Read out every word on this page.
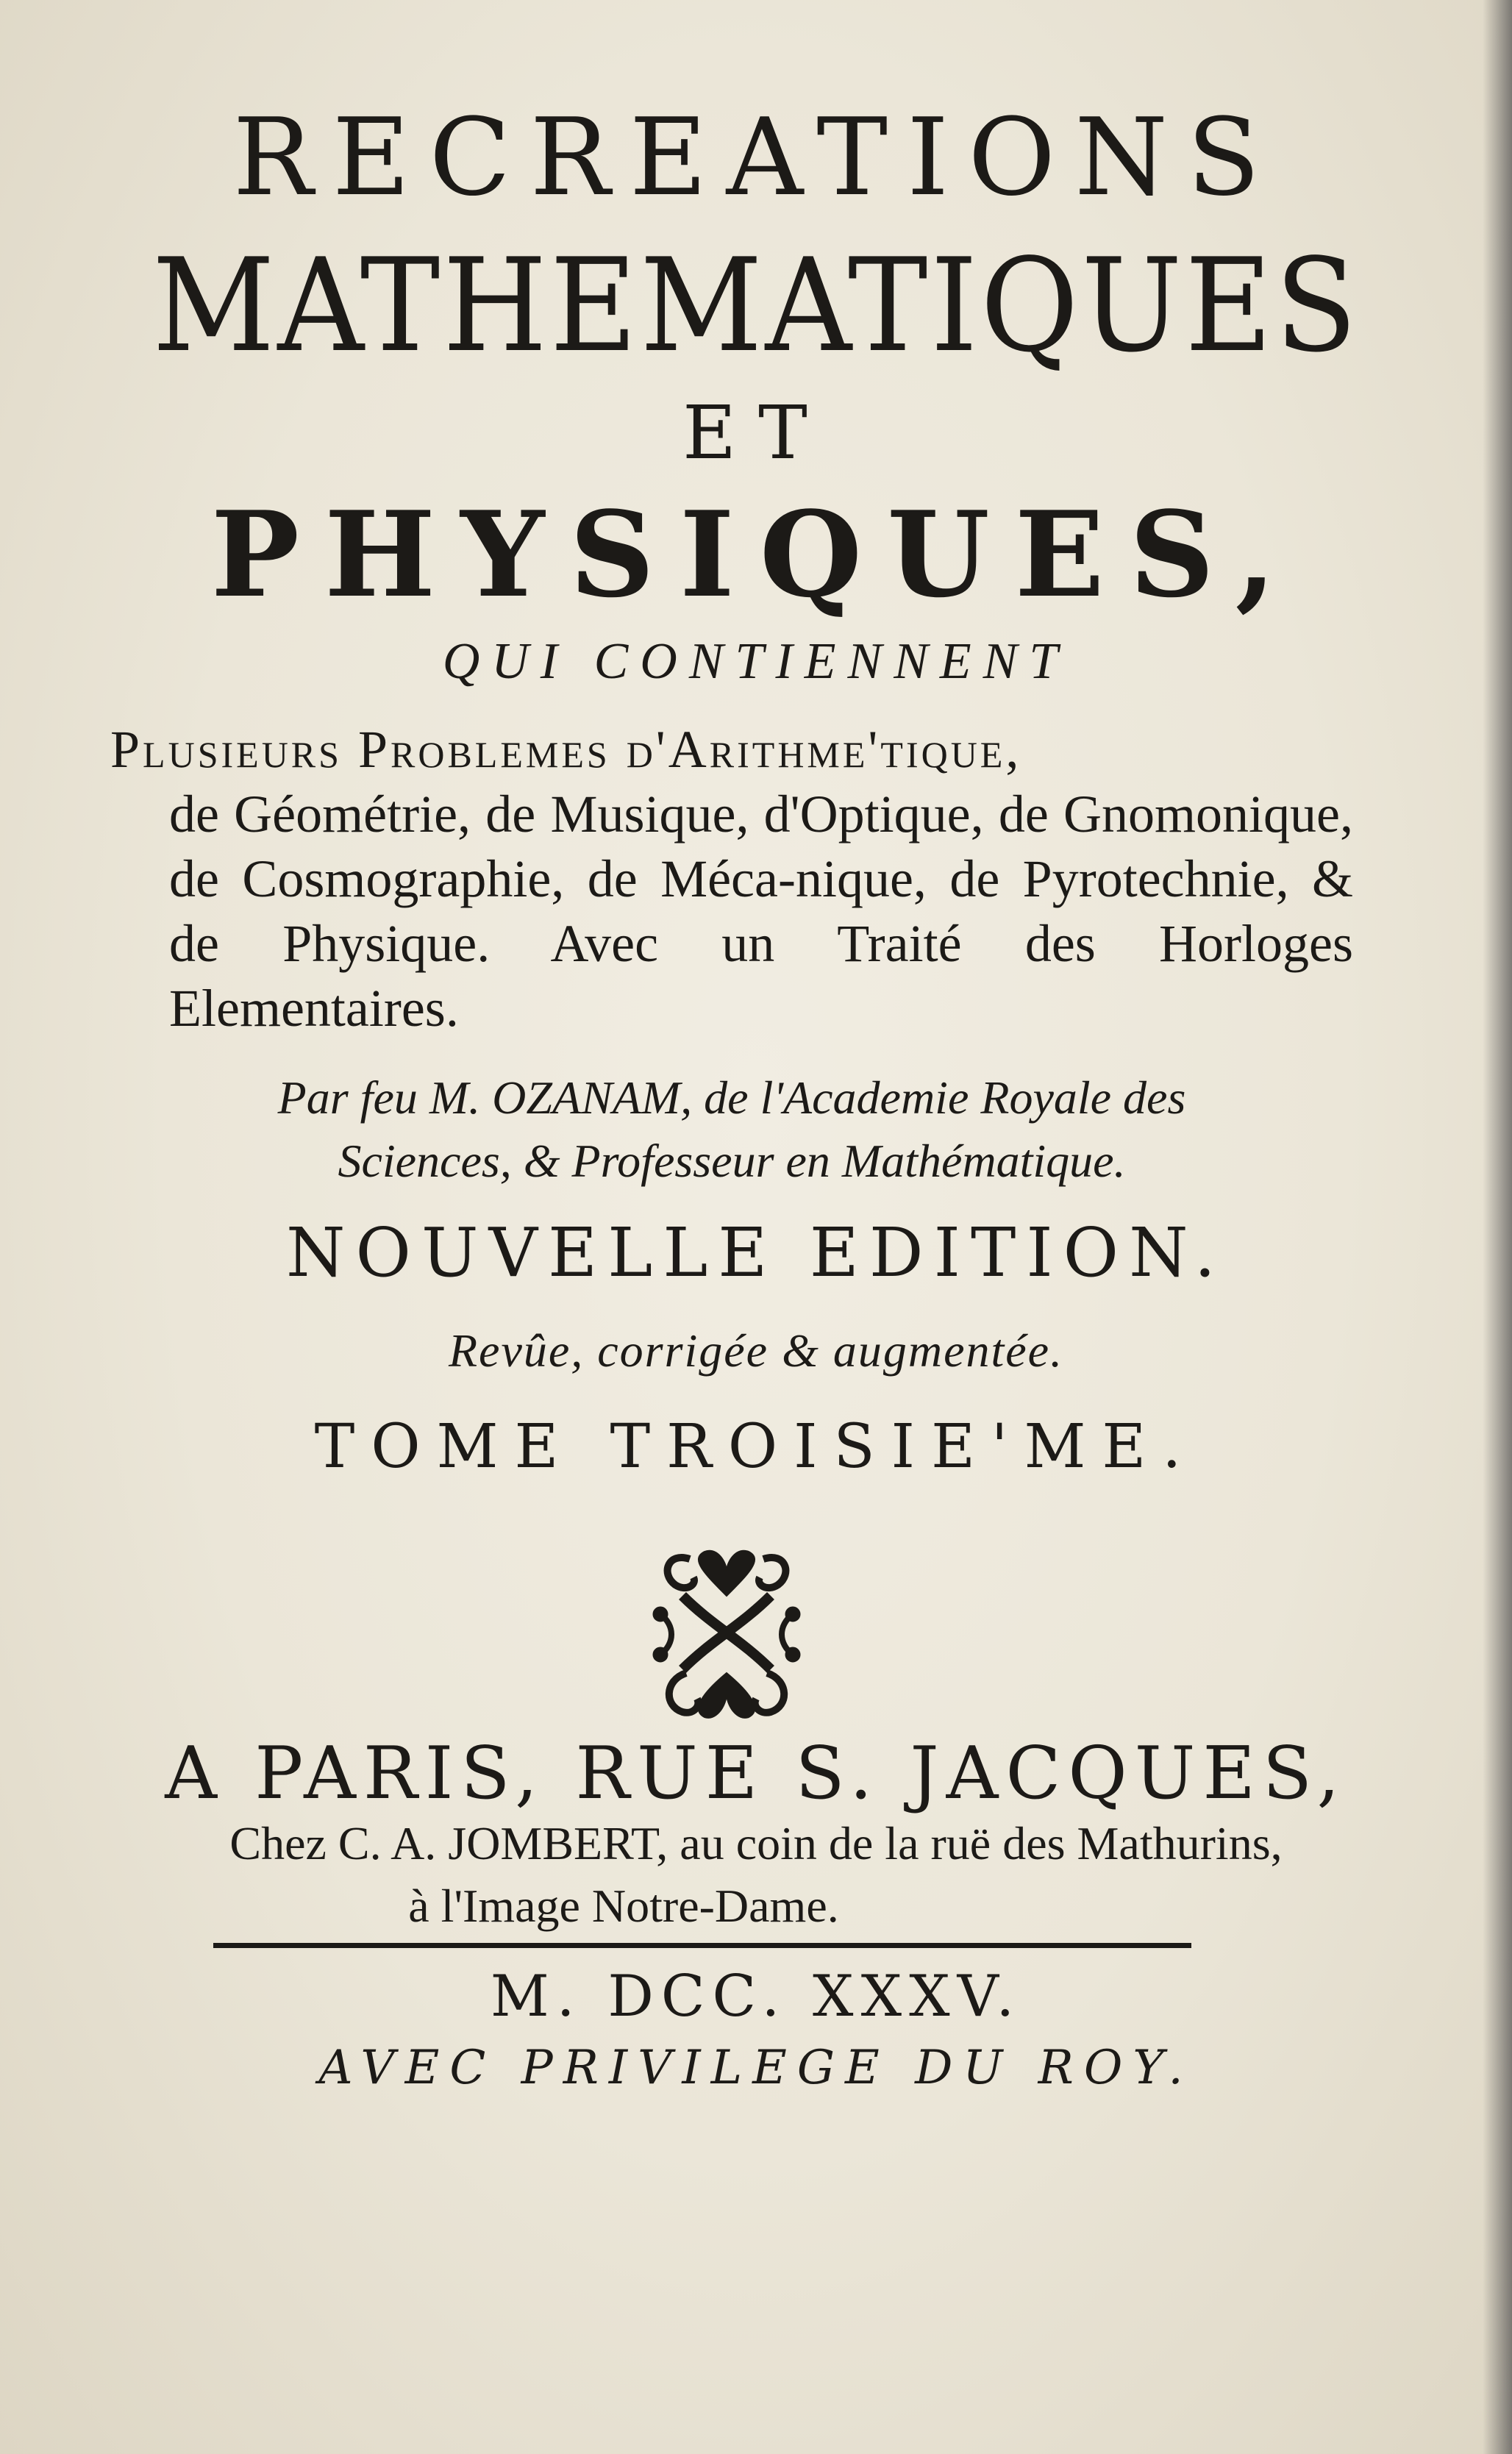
RECREATIONS
MATHEMATIQUES
ET
PHYSIQUES,
QUI CONTIENNENT
Plusieurs Problemes d'Arithme'tique,
de Géométrie, de Musique, d'Optique, de Gnomonique, de Cosmographie, de Méca-nique, de Pyrotechnie, & de Physique. Avec un Traité des Horloges Elementaires.
Par feu M. OZANAM, de l'Academie Royale des
Sciences, & Professeur en Mathématique.
NOUVELLE EDITION.
Revûe, corrigée & augmentée.
TOME TROISIE'ME.
A PARIS, RUE S. JACQUES,
Chez C. A. JOMBERT, au coin de la ruë des Mathurins,
à l'Image Notre-Dame.
M. DCC. XXXV.
AVEC PRIVILEGE DU ROY.
